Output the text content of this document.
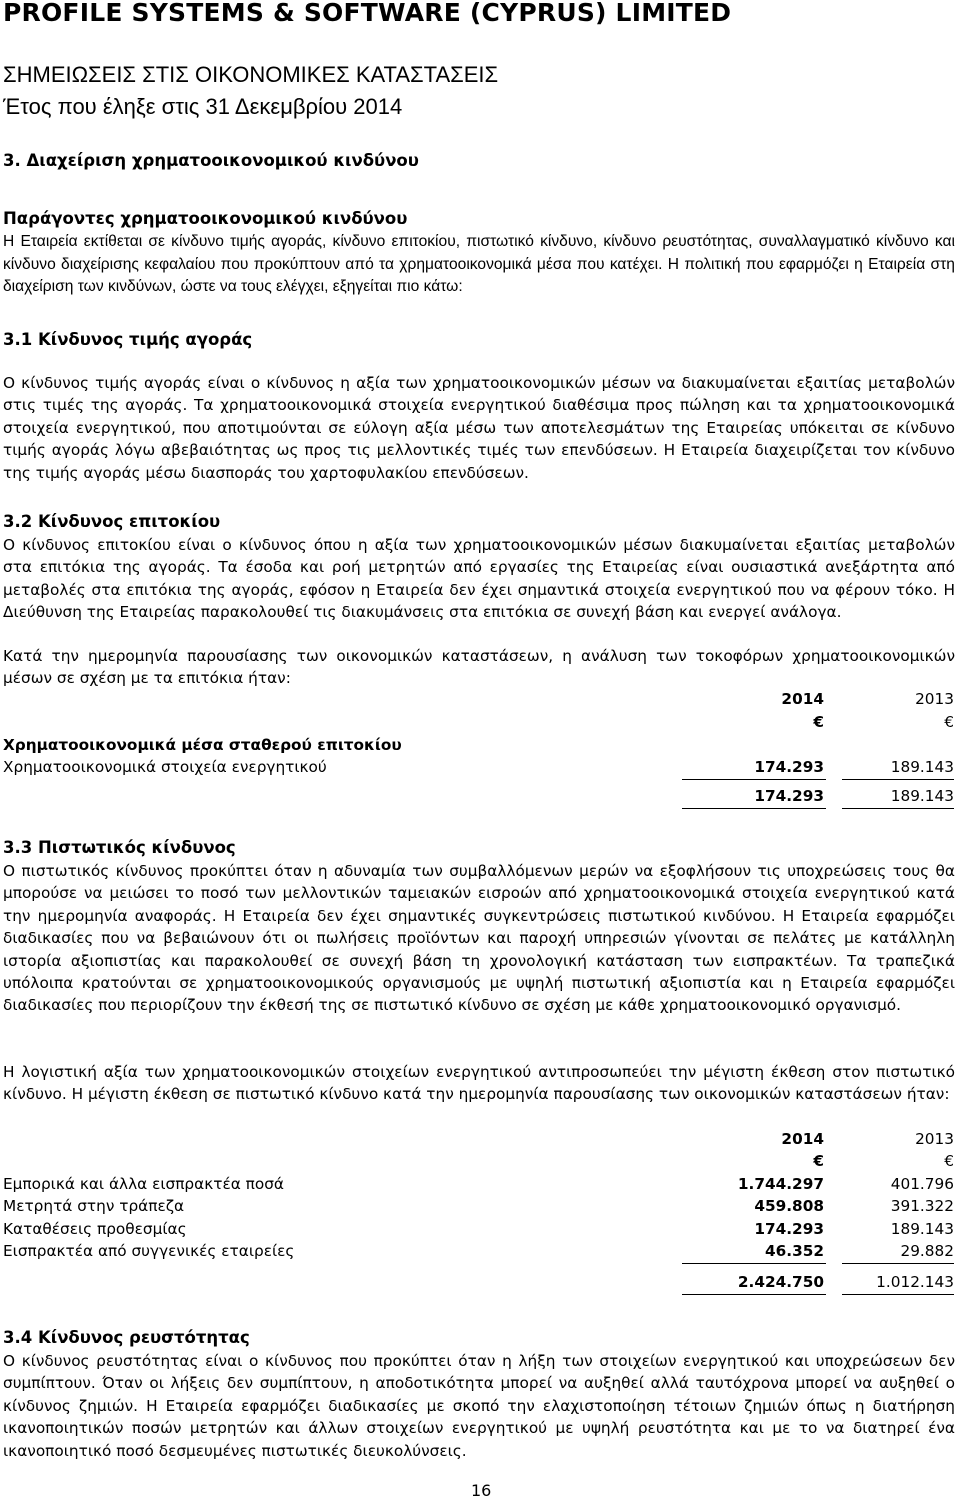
PROFILE SYSTEMS & SOFTWARE (CYPRUS) LIMITED
ΣΗΜΕΙΩΣΕΙΣ ΣΤΙΣ ΟΙΚΟΝΟΜΙΚΕΣ ΚΑΤΑΣΤΑΣΕΙΣ
Έτος που έληξε στις 31 Δεκεμβρίου 2014
3. Διαχείριση χρηματοοικονομικού κινδύνου
Παράγοντες χρηματοοικονομικού κινδύνου
Η Εταιρεία εκτίθεται σε κίνδυνο τιμής αγοράς, κίνδυνο επιτοκίου, πιστωτικό κίνδυνο, κίνδυνο ρευστότητας, συναλλαγματικό κίνδυνο και κίνδυνο διαχείρισης κεφαλαίου που προκύπτουν από τα χρηματοοικονομικά μέσα που κατέχει. Η πολιτική που εφαρμόζει η Εταιρεία στη διαχείριση των κινδύνων, ώστε να τους ελέγχει, εξηγείται πιο κάτω:
3.1 Κίνδυνος τιμής αγοράς
Ο κίνδυνος τιμής αγοράς είναι ο κίνδυνος η αξία των χρηματοοικονομικών μέσων να διακυμαίνεται εξαιτίας μεταβολών στις τιμές της αγοράς. Τα χρηματοοικονομικά στοιχεία ενεργητικού διαθέσιμα προς πώληση και τα χρηματοοικονομικά στοιχεία ενεργητικού, που αποτιμούνται σε εύλογη αξία μέσω των αποτελεσμάτων της Εταιρείας υπόκειται σε κίνδυνο τιμής αγοράς λόγω αβεβαιότητας ως προς τις μελλοντικές τιμές των επενδύσεων. Η Εταιρεία διαχειρίζεται τον κίνδυνο της τιμής αγοράς μέσω διασποράς του χαρτοφυλακίου επενδύσεων.
3.2 Κίνδυνος επιτοκίου
Ο κίνδυνος επιτοκίου είναι ο κίνδυνος όπου η αξία των χρηματοοικονομικών μέσων διακυμαίνεται εξαιτίας μεταβολών στα επιτόκια της αγοράς. Τα έσοδα και ροή μετρητών από εργασίες της Εταιρείας είναι ουσιαστικά ανεξάρτητα από μεταβολές στα επιτόκια της αγοράς, εφόσον η Εταιρεία δεν έχει σημαντικά στοιχεία ενεργητικού που να φέρουν τόκο. Η Διεύθυνση της Εταιρείας παρακολουθεί τις διακυμάνσεις στα επιτόκια σε συνεχή βάση και ενεργεί ανάλογα.
Κατά την ημερομηνία παρουσίασης των οικονομικών καταστάσεων, η ανάλυση των τοκοφόρων χρηματοοικονομικών μέσων σε σχέση με τα επιτόκια ήταν:
2014	2013
€	€
Χρηματοοικονομικά μέσα σταθερού επιτοκίου
Χρηματοοικονομικά στοιχεία ενεργητικού	174.293	189.143
174.293	189.143
3.3 Πιστωτικός κίνδυνος
Ο πιστωτικός κίνδυνος προκύπτει όταν η αδυναμία των συμβαλλόμενων μερών να εξοφλήσουν τις υποχρεώσεις τους θα μπορούσε να μειώσει το ποσό των μελλοντικών ταμειακών εισροών από χρηματοοικονομικά στοιχεία ενεργητικού κατά την ημερομηνία αναφοράς. Η Εταιρεία δεν έχει σημαντικές συγκεντρώσεις πιστωτικού κινδύνου. Η Εταιρεία εφαρμόζει διαδικασίες που να βεβαιώνουν ότι οι πωλήσεις προϊόντων και παροχή υπηρεσιών γίνονται σε πελάτες με κατάλληλη ιστορία αξιοπιστίας και παρακολουθεί σε συνεχή βάση τη χρονολογική κατάσταση των εισπρακτέων. Τα τραπεζικά υπόλοιπα κρατούνται σε χρηματοοικονομικούς οργανισμούς με υψηλή πιστωτική αξιοπιστία και η Εταιρεία εφαρμόζει διαδικασίες που περιορίζουν την έκθεσή της σε πιστωτικό κίνδυνο σε σχέση με κάθε χρηματοοικονομικό οργανισμό.
Η λογιστική αξία των χρηματοοικονομικών στοιχείων ενεργητικού αντιπροσωπεύει την μέγιστη έκθεση στον πιστωτικό κίνδυνο. Η μέγιστη έκθεση σε πιστωτικό κίνδυνο κατά την ημερομηνία παρουσίασης των οικονομικών καταστάσεων ήταν:
2014	2013
€	€
Εμπορικά και άλλα εισπρακτέα ποσά	1.744.297	401.796
Μετρητά στην τράπεζα	459.808	391.322
Καταθέσεις προθεσμίας	174.293	189.143
Εισπρακτέα από συγγενικές εταιρείες	46.352	29.882
2.424.750	1.012.143
3.4 Κίνδυνος ρευστότητας
Ο κίνδυνος ρευστότητας είναι ο κίνδυνος που προκύπτει όταν η λήξη των στοιχείων ενεργητικού και υποχρεώσεων δεν συμπίπτουν. Όταν οι λήξεις δεν συμπίπτουν, η αποδοτικότητα μπορεί να αυξηθεί αλλά ταυτόχρονα μπορεί να αυξηθεί ο κίνδυνος ζημιών. Η Εταιρεία εφαρμόζει διαδικασίες με σκοπό την ελαχιστοποίηση τέτοιων ζημιών όπως η διατήρηση ικανοποιητικών ποσών μετρητών και άλλων στοιχείων ενεργητικού με υψηλή ρευστότητα και με το να διατηρεί ένα ικανοποιητικό ποσό δεσμευμένες πιστωτικές διευκολύνσεις.
16
